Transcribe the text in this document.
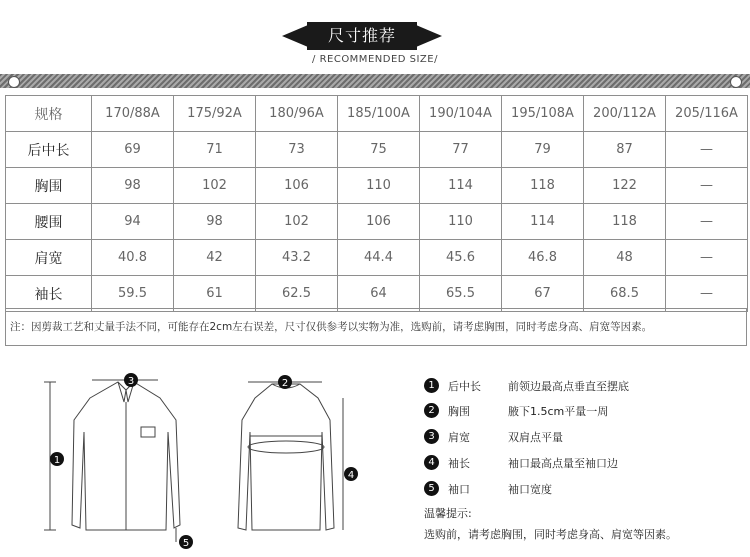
尺寸推荐
/ RECOMMENDED SIZE/
规格	170/88A	175/92A	180/96A	185/100A	190/104A	195/108A	200/112A	205/116A
后中长	69	71	73	75	77	79	87	—
胸围	98	102	106	110	114	118	122	—
腰围	94	98	102	106	110	114	118	—
肩宽	40.8	42	43.2	44.4	45.6	46.8	48	—
袖长	59.5	61	62.5	64	65.5	67	68.5	—
注：因剪裁工艺和丈量手法不同，可能存在2cm左右误差，尺寸仅供参考以实物为准，选购前，请考虑胸围，同时考虑身高、肩宽等因素。
3	2
1
4
5
1	后中长 前领边最高点垂直至摆底
2	胸围	腋下1.5cm平量一周
3	肩宽	双肩点平量
4	袖长	袖口最高点量至袖口边
5	袖口	袖口宽度
温馨提示:
选购前，请考虑胸围，同时考虑身高、肩宽等因素。
